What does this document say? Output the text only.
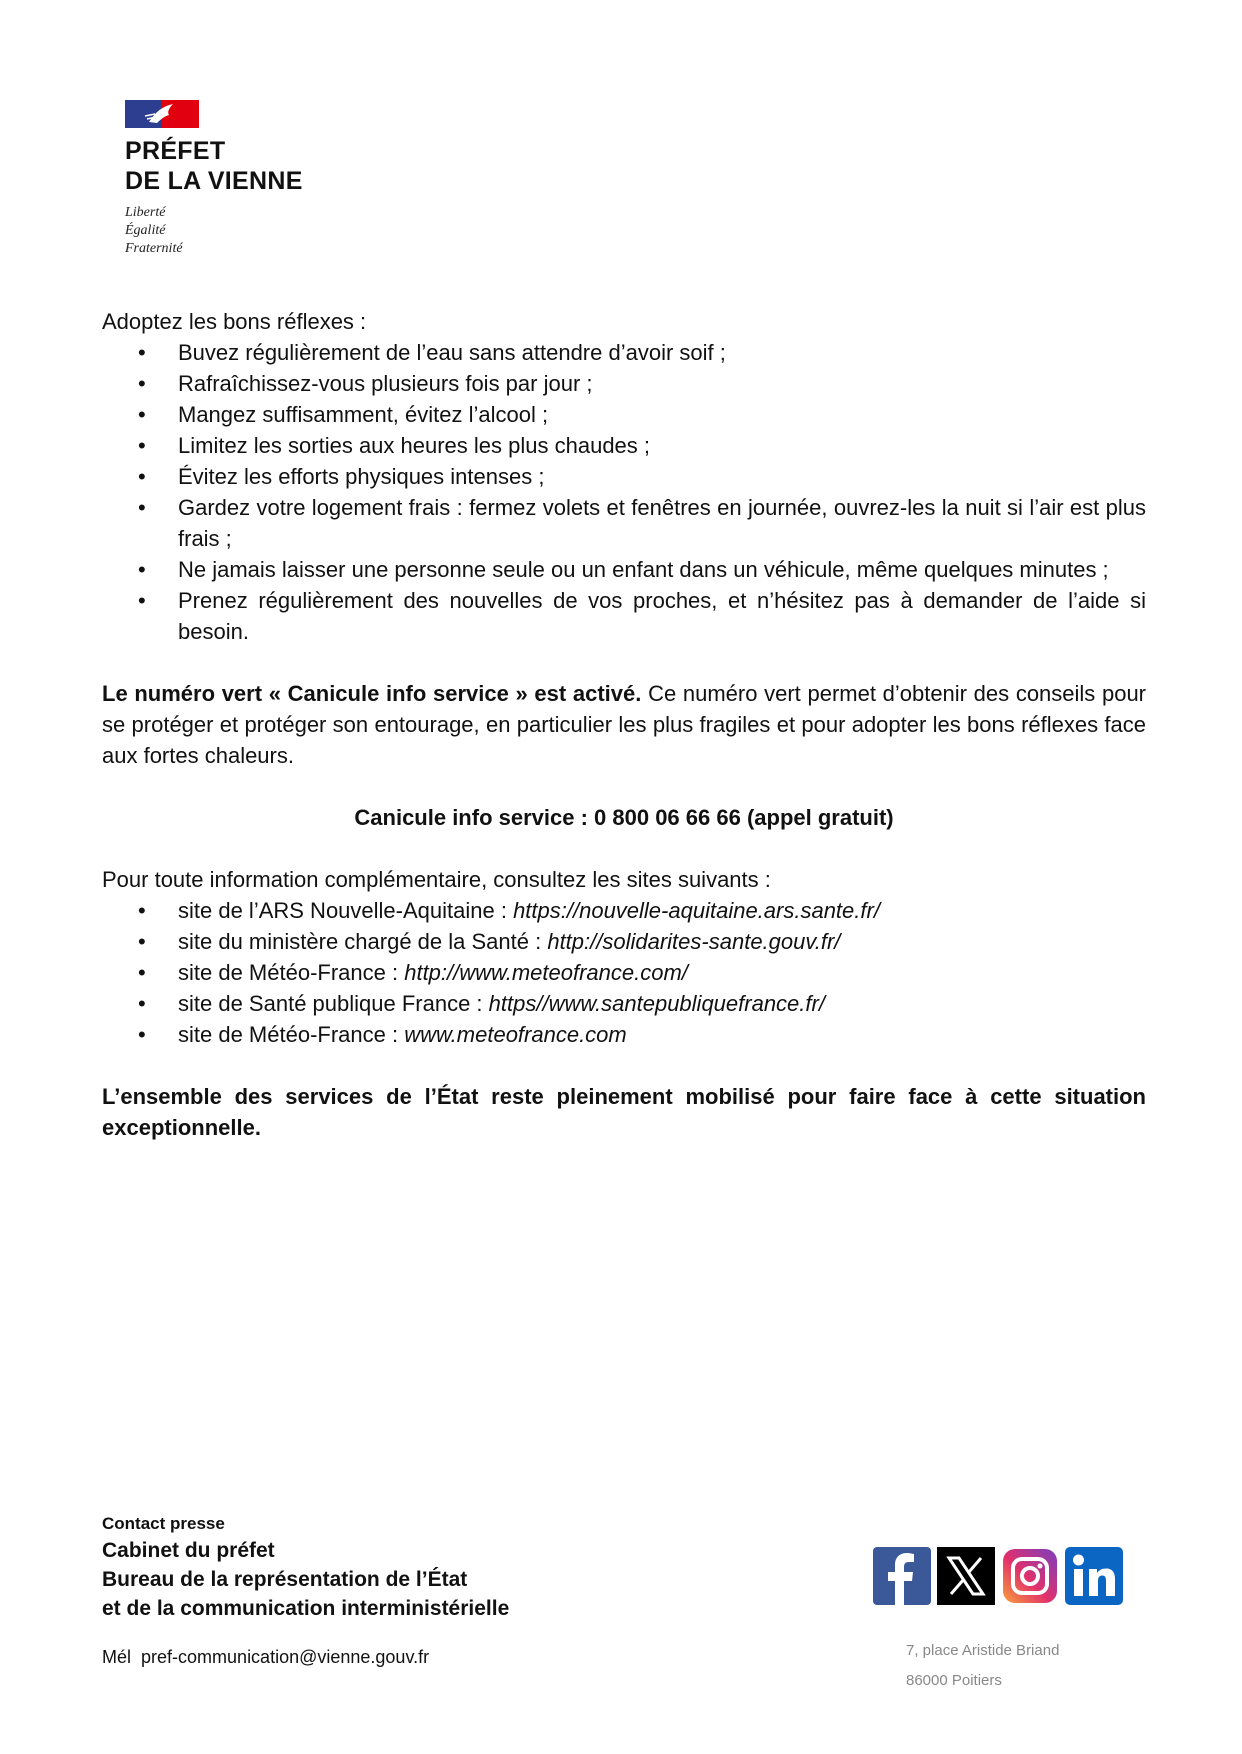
PRÉFET
DE LA VIENNE
Liberté
Égalité
Fraternité

Adoptez les bons réflexes :

• Buvez régulièrement de l’eau sans attendre d’avoir soif ;
• Rafraîchissez-vous plusieurs fois par jour ;
• Mangez suffisamment, évitez l’alcool ;
• Limitez les sorties aux heures les plus chaudes ;
• Évitez les efforts physiques intenses ;
• Gardez votre logement frais : fermez volets et fenêtres en journée, ouvrez-les la nuit si l’air est plus frais ;
• Ne jamais laisser une personne seule ou un enfant dans un véhicule, même quelques minutes ;
• Prenez régulièrement des nouvelles de vos proches, et n’hésitez pas à demander de l’aide si besoin.

Le numéro vert « Canicule info service » est activé. Ce numéro vert permet d’obtenir des conseils pour se protéger et protéger son entourage, en particulier les plus fragiles et pour adopter les bons réflexes face aux fortes chaleurs.

Canicule info service : 0 800 06 66 66 (appel gratuit)

Pour toute information complémentaire, consultez les sites suivants :

• site de l’ARS Nouvelle-Aquitaine : https://nouvelle-aquitaine.ars.sante.fr/
• site du ministère chargé de la Santé : http://solidarites-sante.gouv.fr/
• site de Météo-France : http://www.meteofrance.com/
• site de Santé publique France : https//www.santepubliquefrance.fr/
• site de Météo-France : www.meteofrance.com

L’ensemble des services de l’État reste pleinement mobilisé pour faire face à cette situation exceptionnelle.

Contact presse
Cabinet du préfet
Bureau de la représentation de l’État
et de la communication interministérielle
Mél pref-communication@vienne.gouv.fr	7, place Aristide Briand
86000 Poitiers
